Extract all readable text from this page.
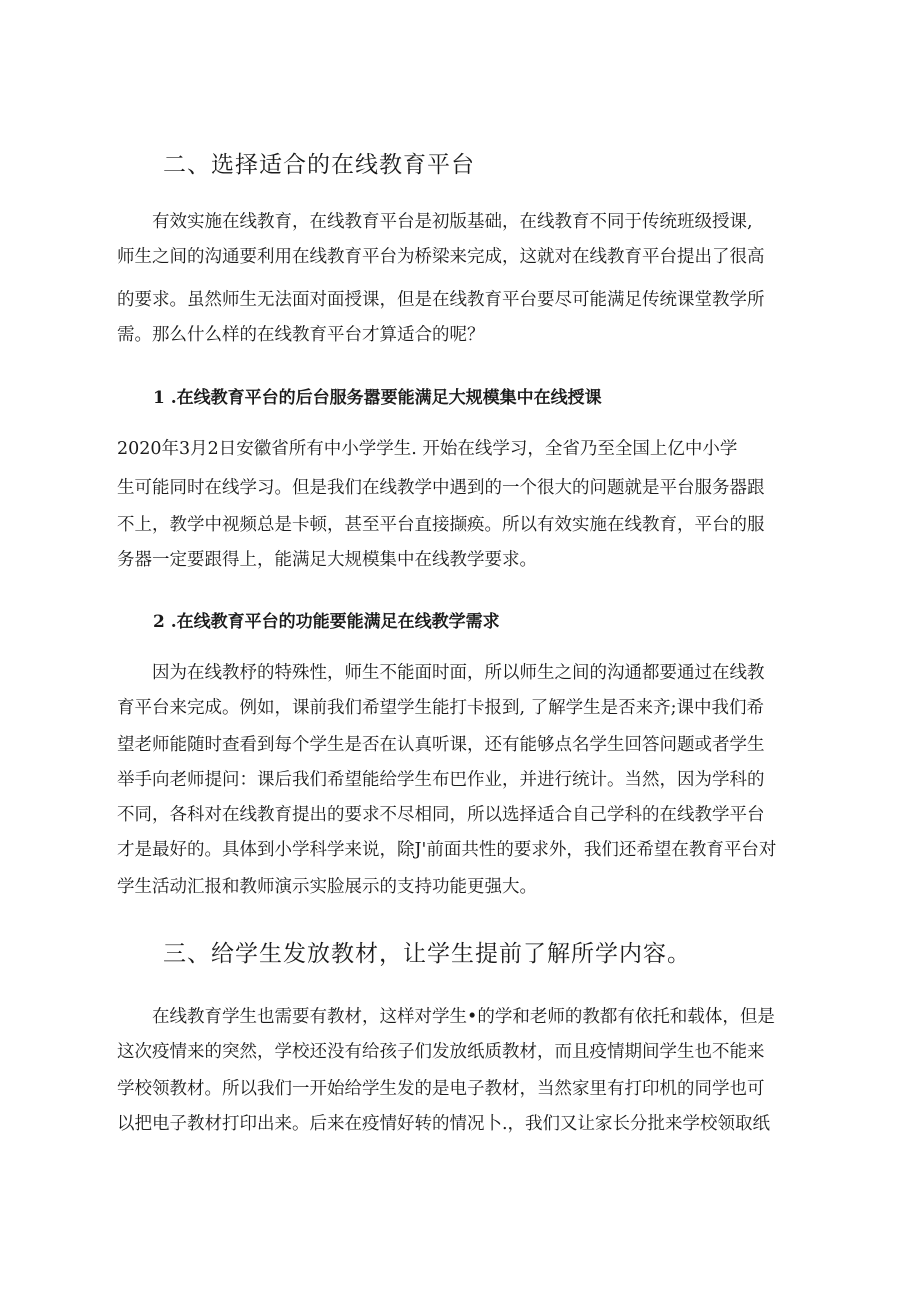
二、选择适合的在线教育平台

有效实施在线教育，在线教育平台是初版基础，在线教育不同于传统班级授课,

师生之间的沟通要利用在线教育平台为桥梁来完成，这就对在线教育平台提出了很高

的要求。虽然师生无法面对面授课，但是在线教育平台要尽可能满足传统课堂教学所

需。那么什么样的在线教育平台才算适合的呢？

1 .在线教育平台的后台服务嚣要能满足大规模集中在线授课

2020年3月2日安徽省所有中小学学生. 开始在线学习，全省乃至全国上亿中小学

生可能同时在线学习。但是我们在线教学中遇到的一个很大的问题就是平台服务器跟

不上，教学中视频总是卡顿，甚至平台直接撷痪。所以有效实施在线教育，平台的服

务器一定要跟得上，能满足大规模集中在线教学要求。

2 .在线教育平台的功能要能满足在线教学需求

因为在线教杼的特殊性，师生不能面时面，所以师生之间的沟通都要通过在线教

育平台来完成。例如，课前我们希望学生能打卡报到, 了解学生是否来齐;课中我们希

望老师能随时查看到每个学生是否在认真听课，还有能够点名学生回答问题或者学生

举手向老师提问：课后我们希望能给学生布巴作业，并进行统计。当然，因为学科的

不同，各科对在线教育提出的要求不尽相同，所以选择适合自己学科的在线教学平台

才是最好的。具体到小学科学来说，除J'前面共性的要求外，我们还希望在教育平台对

学生活动汇报和教师演示实脸展示的支持功能更强大。

三、给学生发放教材，让学生提前了解所学内容。

在线教育学生也需要有教材，这样对学生•的学和老师的教都有依托和载体，但是

这次疫情来的突然，学校还没有给孩子们发放纸质教材，而且疫情期间学生也不能来

学校领教材。所以我们一开始给学生发的是电子教材，当然家里有打印机的同学也可

以把电子教材打印出来。后来在疫情好转的情况卜.，我们又让家长分批来学校领取纸
